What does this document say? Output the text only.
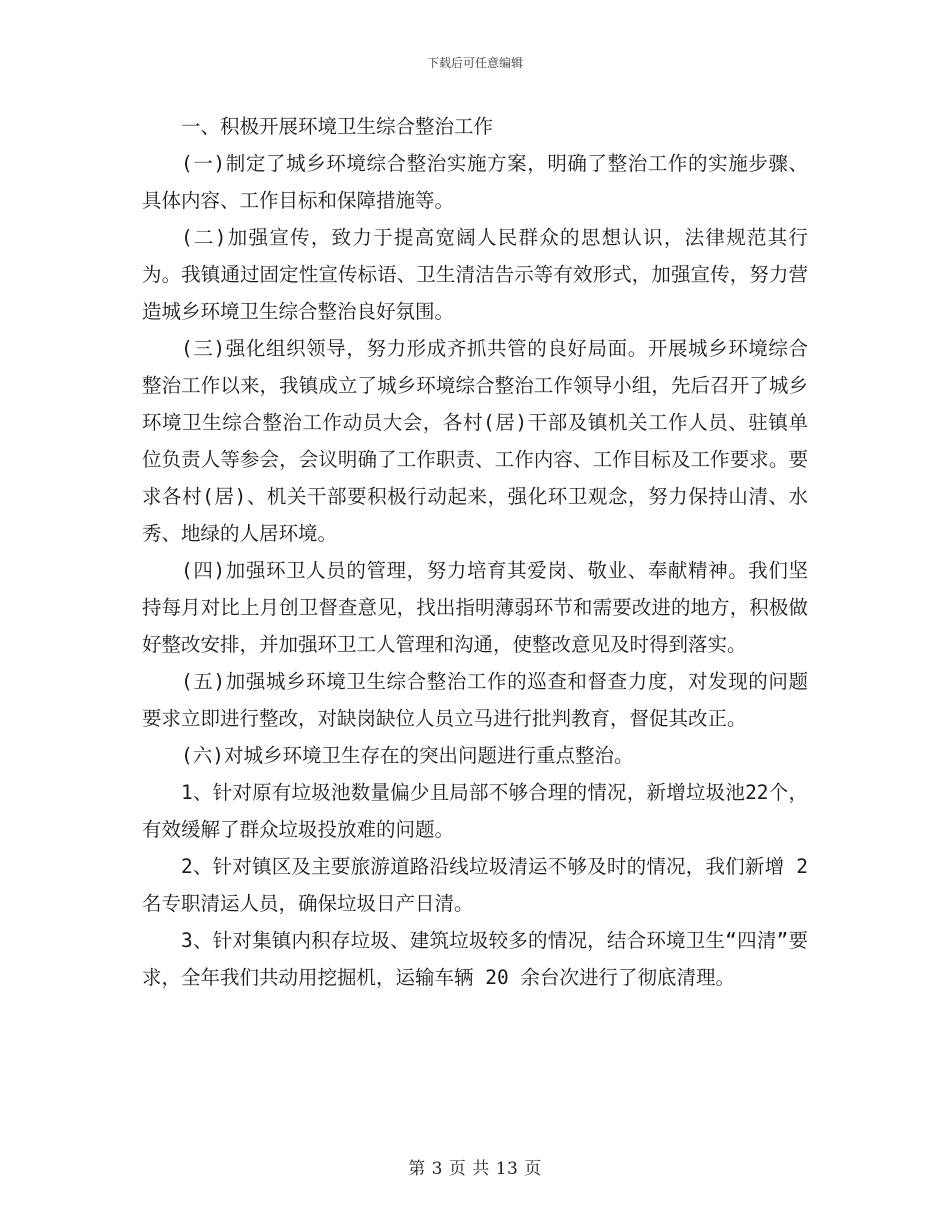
下载后可任意编辑

一、积极开展环境卫生综合整治工作

(一)制定了城乡环境综合整治实施方案，明确了整治工作的实施步骤、具体内容、工作目标和保障措施等。

(二)加强宣传，致力于提高宽阔人民群众的思想认识，法律规范其行为。我镇通过固定性宣传标语、卫生清洁告示等有效形式，加强宣传，努力营造城乡环境卫生综合整治良好氛围。

(三)强化组织领导，努力形成齐抓共管的良好局面。开展城乡环境综合整治工作以来，我镇成立了城乡环境综合整治工作领导小组，先后召开了城乡环境卫生综合整治工作动员大会，各村(居)干部及镇机关工作人员、驻镇单位负责人等参会，会议明确了工作职责、工作内容、工作目标及工作要求。要求各村(居)、机关干部要积极行动起来，强化环卫观念，努力保持山清、水秀、地绿的人居环境。

(四)加强环卫人员的管理，努力培育其爱岗、敬业、奉献精神。我们坚持每月对比上月创卫督查意见，找出指明薄弱环节和需要改进的地方，积极做好整改安排，并加强环卫工人管理和沟通，使整改意见及时得到落实。

(五)加强城乡环境卫生综合整治工作的巡查和督查力度，对发现的问题要求立即进行整改，对缺岗缺位人员立马进行批判教育，督促其改正。

(六)对城乡环境卫生存在的突出问题进行重点整治。

1、针对原有垃圾池数量偏少且局部不够合理的情况，新增垃圾池22个，有效缓解了群众垃圾投放难的问题。

2、针对镇区及主要旅游道路沿线垃圾清运不够及时的情况，我们新增 2 名专职清运人员，确保垃圾日产日清。

3、针对集镇内积存垃圾、建筑垃圾较多的情况，结合环境卫生“四清”要求，全年我们共动用挖掘机，运输车辆 20 余台次进行了彻底清理。

第 3 页 共 13 页
